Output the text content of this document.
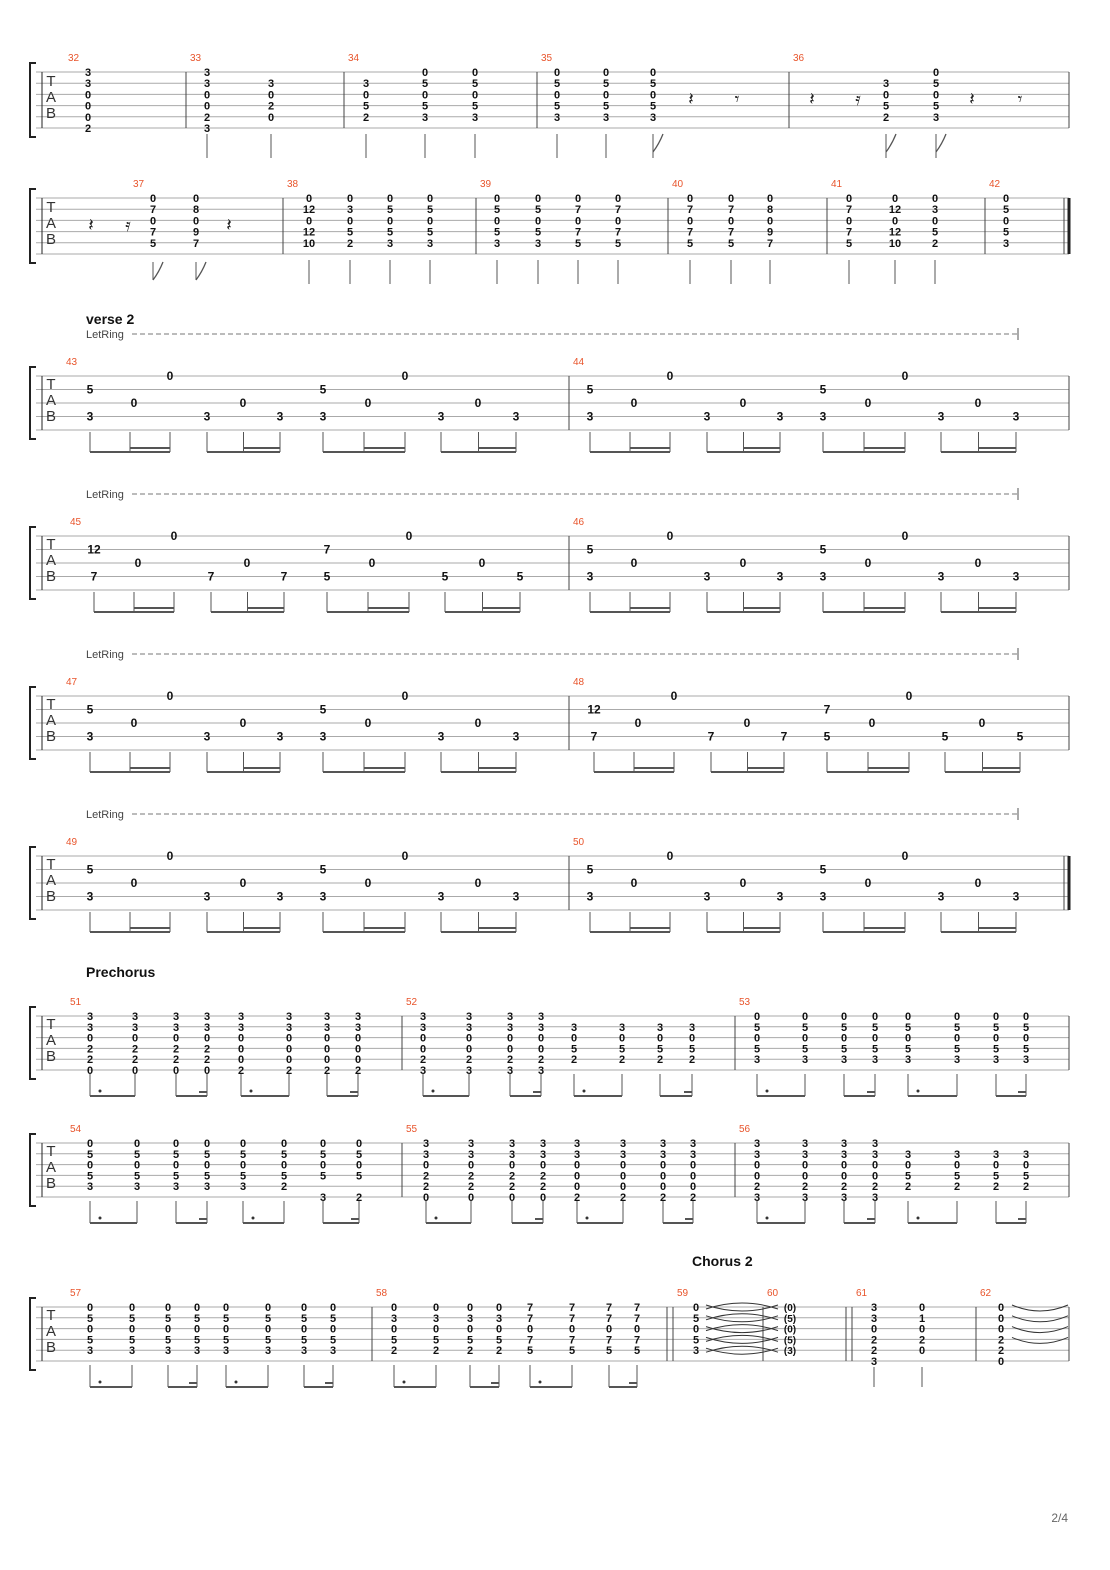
T
A
B
32	33	34	35	36
3
3
0
0
0
2
3
3
0
0
2
3
3
0
2
0
3
0
5
2
0
5
0
5
3
0
5
0
5
3
0
5
0
5
3
0
5
0
5
3
0
5
0
5
3
3
0
5
2
0
5
0
5
3
𝄽 𝄾	𝄽 𝄿	𝄽 𝄾
T
A
B
37	38	39	40	41	42
0
7
0
7
5
0
8
0
9
7
0
12
0
12
10
0
3
0
5
2
0
5
0
5
3
0
5
0
5
3
0
5
0
5
3
0
5
0
5
3
0
7
0
7
5
0
7
0
7
5
0
7
0
7
5
0
7
0
7
5
0
8
0
9
7
0
7
0
7
5
0
12
0
12
10
0
3
0
5
2
0
5
0
5
3
𝄽 𝄿	𝄽
T
A
B
43	44
5
3
0
0
3
0
3
5
3
0
0
3
0
3
5
3
0
0
3
0
3
5
3
0
0
3
0
3
LetRing
T
A
B
45	46
12
7
0
0
7
0
7
7
5
0
0
5
0
5
5
3
0
0
3
0
3
5
3
0
0
3
0
3
LetRing
T
A
B
47	48
5
3
0
0
3
0
3
5
3
0
0
3
0
3
12
7
0
0
7
0
7
7
5
0
0
5
0
5
LetRing
T
A
B
49	50
5
3
0
0
3
0
3
5
3
0
0
3
0
3
5
3
0
0
3
0
3
5
3
0
0
3
0
3
LetRing
T
A
B
51	52	53
3
3
0
2
2
0
3
3
0
2
2
0
3
3
0
2
2
0
3
3
0
2
2
0
3
3
0
0
0
2
3
3
0
0
0
2
3
3
0
0
0
2
3
3
0
0
0
2
3
3
0
0
2
3
3
3
0
0
2
3
3
3
0
0
2
3
3
3
0
0
2
3
3
0
5
2
3
0
5
2
3
0
5
2
3
0
5
2
0
5
0
5
3
0
5
0
5
3
0
5
0
5
3
0
5
0
5
3
0
5
0
5
3
0
5
0
5
3
0
5
0
5
3
0
5
0
5
3
T
A
B
54	55	56
0
5
0
5
3
0
5
0
5
3
0
5
0
5
3
0
5
0
5
3
0
5
0
5
3
0
5
0
5
2
0
5
0
5
3
0
5
0
5
2
3
3
0
2
2
0
3
3
0
2
2
0
3
3
0
2
2
0
3
3
0
2
2
0
3
3
0
0
0
2
3
3
0
0
0
2
3
3
0
0
0
2
3
3
0
0
0
2
3
3
0
0
2
3
3
3
0
0
2
3
3
3
0
0
2
3
3
3
0
0
2
3
3
0
5
2
3
0
5
2
3
0
5
2
3
0
5
2
T
A
B
57	58	59	60	61	62
0
5
0
5
3
0
5
0
5
3
0
5
0
5
3
0
5
0
5
3
0
5
0
5
3
0
5
0
5
3
0
5
0
5
3
0
5
0
5
3
0
3
0
5
2
0
3
0
5
2
0
3
0
5
2
0
3
0
5
2
7
7
0
7
5
7
7
0
7
5
7
7
0
7
5
7
7
0
7
5
0
5
0
5
3
(0)
(5)
(0)
(5)
(3)
3
3
0
2
2
3
0
1
0
2
0
0
0
0
2
2
0
verse 2
Prechorus
Chorus 2
2/4
